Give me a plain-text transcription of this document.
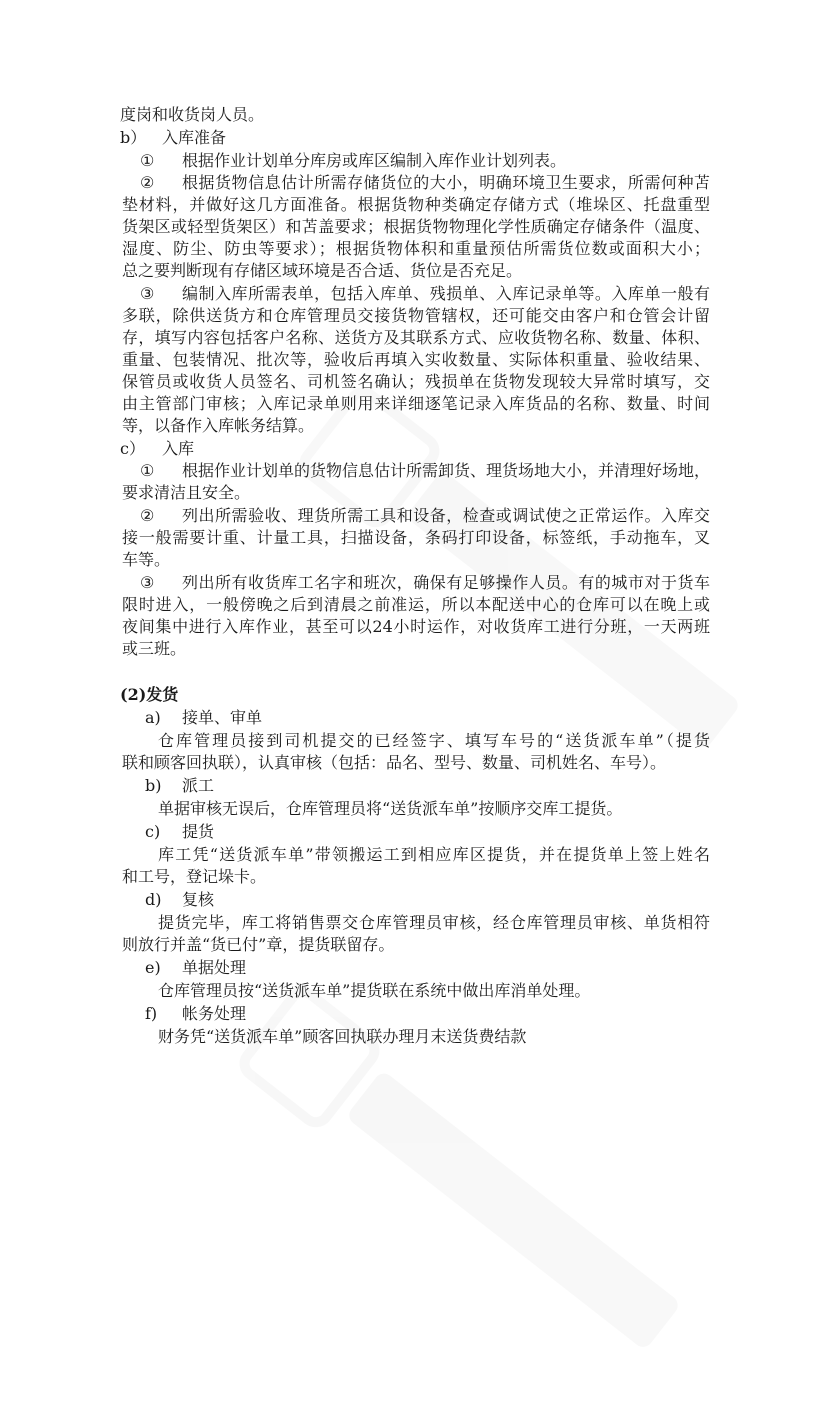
度岗和收货岗人员。
b） 入库准备
① 根据作业计划单分库房或库区编制入库作业计划列表。
② 根据货物信息估计所需存储货位的大小，明确环境卫生要求，所需何种苫
垫材料，并做好这几方面准备。根据货物种类确定存储方式（堆垛区、托盘重型
货架区或轻型货架区）和苫盖要求；根据货物物理化学性质确定存储条件（温度、
湿度、防尘、防虫等要求）；根据货物体积和重量预估所需货位数或面积大小；
总之要判断现有存储区域环境是否合适、货位是否充足。
③ 编制入库所需表单，包括入库单、残损单、入库记录单等。入库单一般有
多联，除供送货方和仓库管理员交接货物管辖权，还可能交由客户和仓管会计留
存，填写内容包括客户名称、送货方及其联系方式、应收货物名称、数量、体积、
重量、包装情况、批次等，验收后再填入实收数量、实际体积重量、验收结果、
保管员或收货人员签名、司机签名确认；残损单在货物发现较大异常时填写，交
由主管部门审核；入库记录单则用来详细逐笔记录入库货品的名称、数量、时间
等，以备作入库帐务结算。
c） 入库
① 根据作业计划单的货物信息估计所需卸货、理货场地大小，并清理好场地，
要求清洁且安全。
② 列出所需验收、理货所需工具和设备，检查或调试使之正常运作。入库交
接一般需要计重、计量工具，扫描设备，条码打印设备，标签纸，手动拖车，叉
车等。
③ 列出所有收货库工名字和班次，确保有足够操作人员。有的城市对于货车
限时进入，一般傍晚之后到清晨之前准运，所以本配送中心的仓库可以在晚上或
夜间集中进行入库作业，甚至可以24小时运作，对收货库工进行分班，一天两班
或三班。
(2)发货
a) 接单、审单
仓库管理员接到司机提交的已经签字、填写车号的“送货派车单”（提货
联和顾客回执联），认真审核（包括：品名、型号、数量、司机姓名、车号）。
b) 派工
单据审核无误后，仓库管理员将“送货派车单”按顺序交库工提货。
c) 提货
库工凭“送货派车单”带领搬运工到相应库区提货，并在提货单上签上姓名
和工号，登记垛卡。
d) 复核
提货完毕，库工将销售票交仓库管理员审核，经仓库管理员审核、单货相符
则放行并盖“货已付”章，提货联留存。
e) 单据处理
仓库管理员按“送货派车单”提货联在系统中做出库消单处理。
f) 帐务处理
财务凭“送货派车单”顾客回执联办理月末送货费结款
